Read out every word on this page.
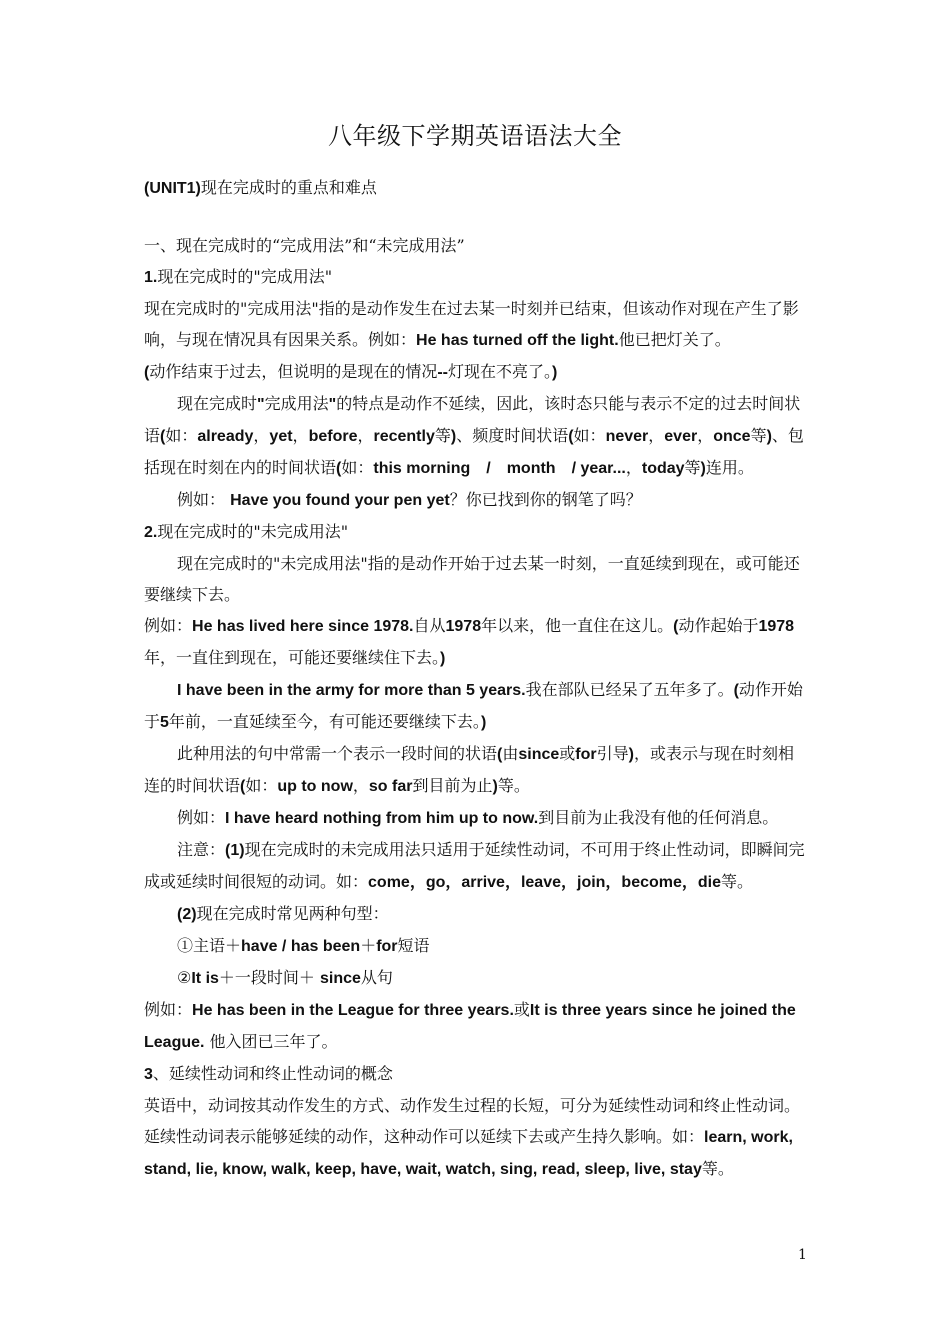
八年级下学期英语语法大全

(UNIT1)现在完成时的重点和难点

一、现在完成时的“完成用法”和“未完成用法”

1.现在完成时的"完成用法"

现在完成时的"完成用法"指的是动作发生在过去某一时刻并已结束，但该动作对现在产生了影响，与现在情况具有因果关系。例如：He has turned off the light.他已把灯关了。

(动作结束于过去，但说明的是现在的情况--灯现在不亮了。)

现在完成时"完成用法"的特点是动作不延续，因此，该时态只能与表示不定的过去时间状语(如：already，yet，before，recently等)、频度时间状语(如：never，ever，once等)、包括现在时刻在内的时间状语(如：this morning　/　month　/ year...，today等)连用。

例如： Have you found your pen yet？你已找到你的钢笔了吗？

2.现在完成时的"未完成用法"

现在完成时的"未完成用法"指的是动作开始于过去某一时刻，一直延续到现在，或可能还要继续下去。

例如：He has lived here since 1978.自从1978年以来，他一直住在这儿。(动作起始于1978年，一直住到现在，可能还要继续住下去。)

I have been in the army for more than 5 years.我在部队已经呆了五年多了。(动作开始于5年前，一直延续至今，有可能还要继续下去。)

此种用法的句中常需一个表示一段时间的状语(由since或for引导)，或表示与现在时刻相连的时间状语(如：up to now，so far到目前为止)等。

例如：I have heard nothing from him up to now.到目前为止我没有他的任何消息。

注意：(1)现在完成时的未完成用法只适用于延续性动词，不可用于终止性动词，即瞬间完成或延续时间很短的动词。如：come，go，arrive，leave，join，become，die等。

(2)现在完成时常见两种句型：

①主语＋have / has been＋for短语

②It is＋一段时间＋ since从句

例如：He has been in the League for three years.或It is three years since he joined the League. 他入团已三年了。

3、延续性动词和终止性动词的概念

英语中，动词按其动作发生的方式、动作发生过程的长短，可分为延续性动词和终止性动词。

延续性动词表示能够延续的动作，这种动作可以延续下去或产生持久影响。如：learn, work, stand, lie, know, walk, keep, have, wait, watch, sing, read, sleep, live, stay等。

1
